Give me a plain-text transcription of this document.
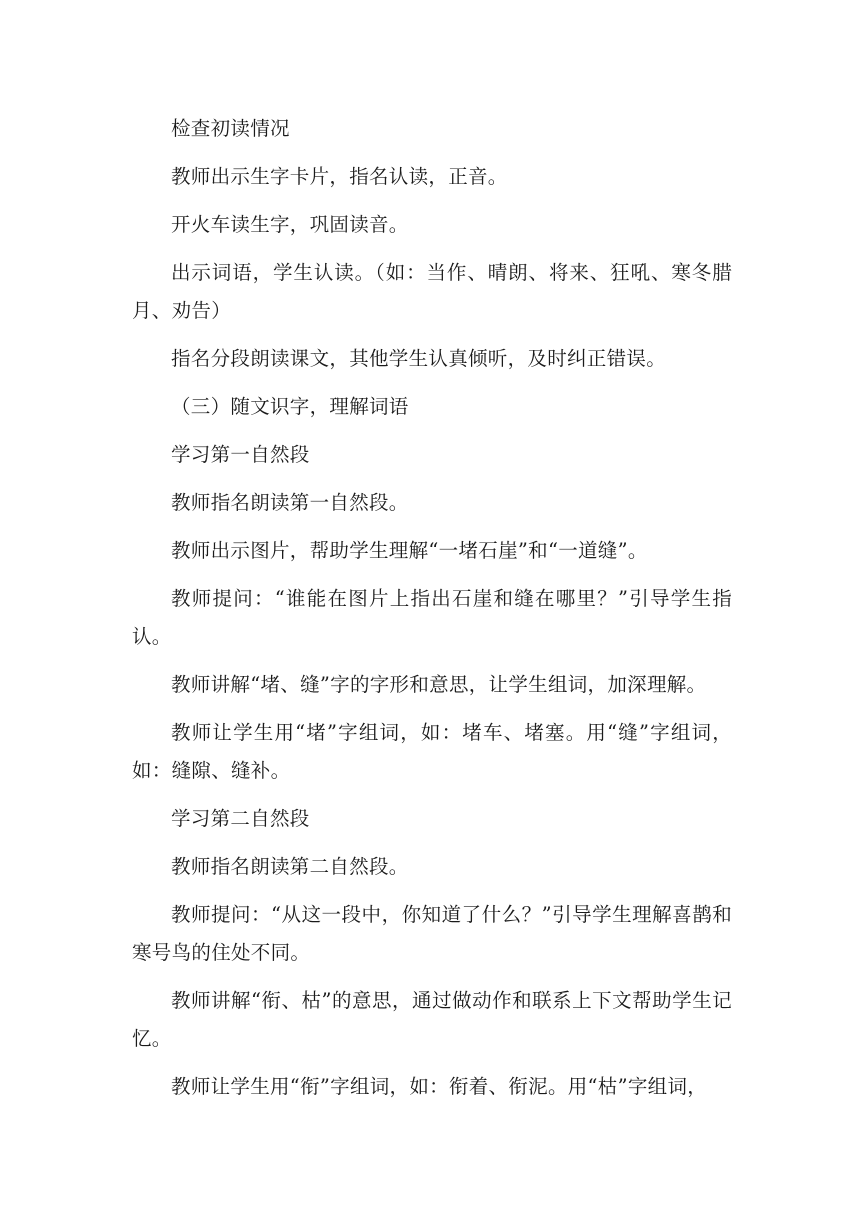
检查初读情况

教师出示生字卡片，指名认读，正音。

开火车读生字，巩固读音。

出示词语，学生认读。（如：当作、晴朗、将来、狂吼、寒冬腊月、劝告）

指名分段朗读课文，其他学生认真倾听，及时纠正错误。

（三）随文识字，理解词语

学习第一自然段

教师指名朗读第一自然段。

教师出示图片，帮助学生理解“一堵石崖”和“一道缝”。

教师提问：“谁能在图片上指出石崖和缝在哪里？”引导学生指认。

教师讲解“堵、缝”字的字形和意思，让学生组词，加深理解。

教师让学生用“堵”字组词，如：堵车、堵塞。用“缝”字组词，如：缝隙、缝补。

学习第二自然段

教师指名朗读第二自然段。

教师提问：“从这一段中，你知道了什么？”引导学生理解喜鹊和寒号鸟的住处不同。

教师讲解“衔、枯”的意思，通过做动作和联系上下文帮助学生记忆。

教师让学生用“衔”字组词，如：衔着、衔泥。用“枯”字组词，
